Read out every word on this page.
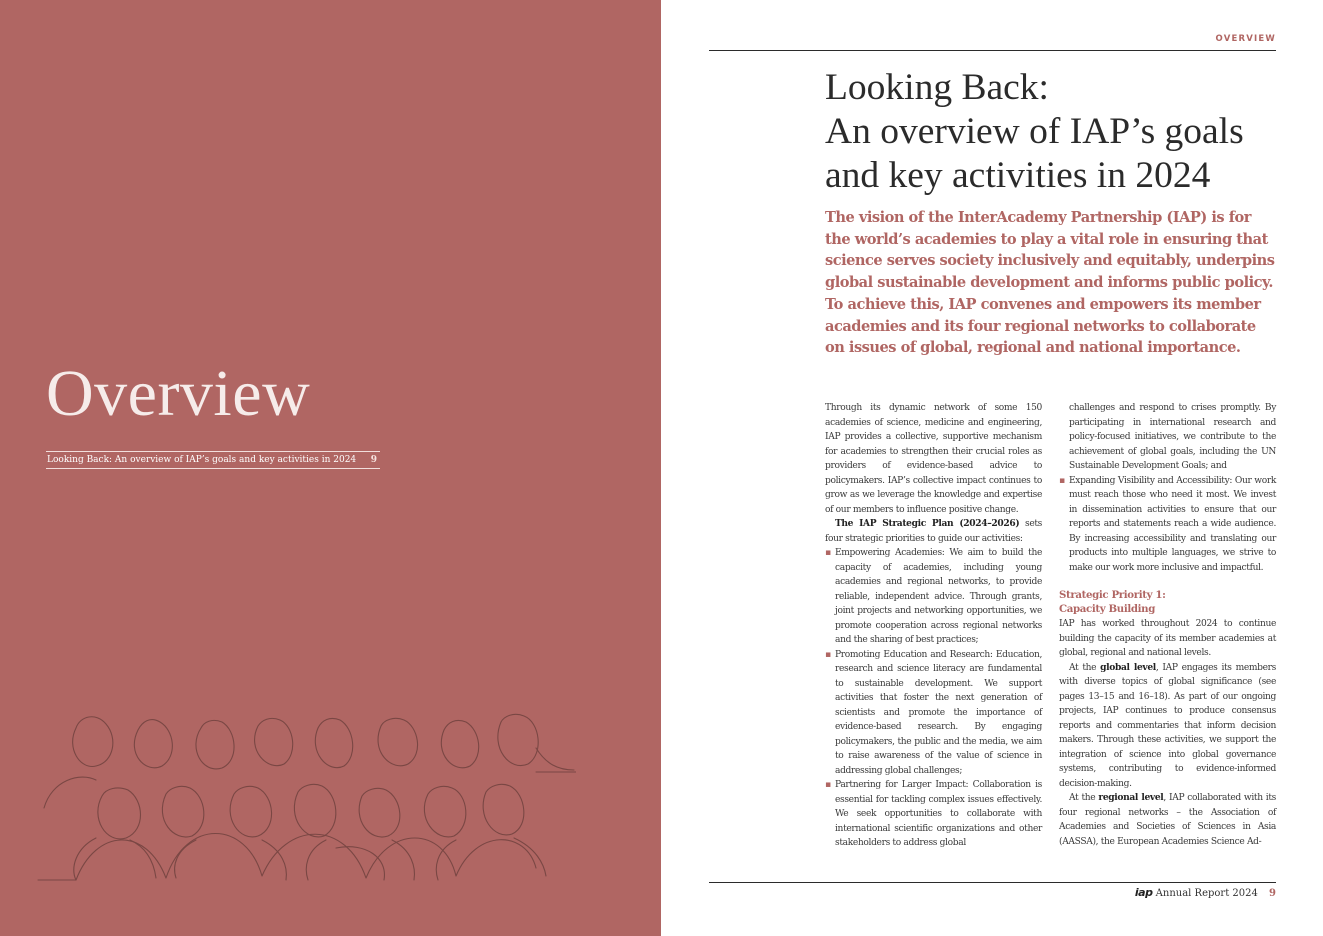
Overview
Looking Back: An overview of IAP’s goals and key activities in 2024 9
OVERVIEW
Looking Back:
An overview of IAP’s goals
and key activities in 2024

The vision of the InterAcademy Partnership (IAP) is for the world’s academies to play a vital role in ensuring that science serves society inclusively and equitably, underpins global sustainable development and informs public policy. To achieve this, IAP convenes and empowers its member academies and its four regional networks to collaborate on issues of global, regional and national importance.

Through its dynamic network of some 150 academies of science, medicine and engineering, IAP provides a collective, supportive mechanism for academies to strengthen their crucial roles as providers of evidence-based advice to policymakers. IAP’s collective impact continues to grow as we leverage the knowledge and expertise of our members to influence positive change.

The IAP Strategic Plan (2024–2026) sets four strategic priorities to guide our activities:

▪ Empowering Academies: We aim to build the capacity of academies, including young academies and regional networks, to provide reliable, independent advice. Through grants, joint projects and networking opportunities, we promote cooperation across regional networks and the sharing of best practices;
▪ Promoting Education and Research: Education, research and science literacy are fundamental to sustainable development. We support activities that foster the next generation of scientists and promote the importance of evidence-based research. By engaging policymakers, the public and the media, we aim to raise awareness of the value of science in addressing global challenges;
▪ Partnering for Larger Impact: Collaboration is essential for tackling complex issues effectively. We seek opportunities to collaborate with international scientific organizations and other stakeholders to address global

challenges and respond to crises promptly. By participating in international research and policy-focused initiatives, we contribute to the achievement of global goals, including the UN Sustainable Development Goals; and

▪ Expanding Visibility and Accessibility: Our work must reach those who need it most. We invest in dissemination activities to ensure that our reports and statements reach a wide audience. By increasing accessibility and translating our products into multiple languages, we strive to make our work more inclusive and impactful.
Strategic Priority 1:
Capacity Building

IAP has worked throughout 2024 to continue building the capacity of its member academies at global, regional and national levels.

At the global level, IAP engages its members with diverse topics of global significance (see pages 13–15 and 16–18). As part of our ongoing projects, IAP continues to produce consensus reports and commentaries that inform decision makers. Through these activities, we support the integration of science into global governance systems, contributing to evidence-informed decision-making.

At the regional level, IAP collaborated with its four regional networks – the Association of Academies and Societies of Sciences in Asia (AASSA), the European Academies Science Ad-

iap Annual Report 2024 9
